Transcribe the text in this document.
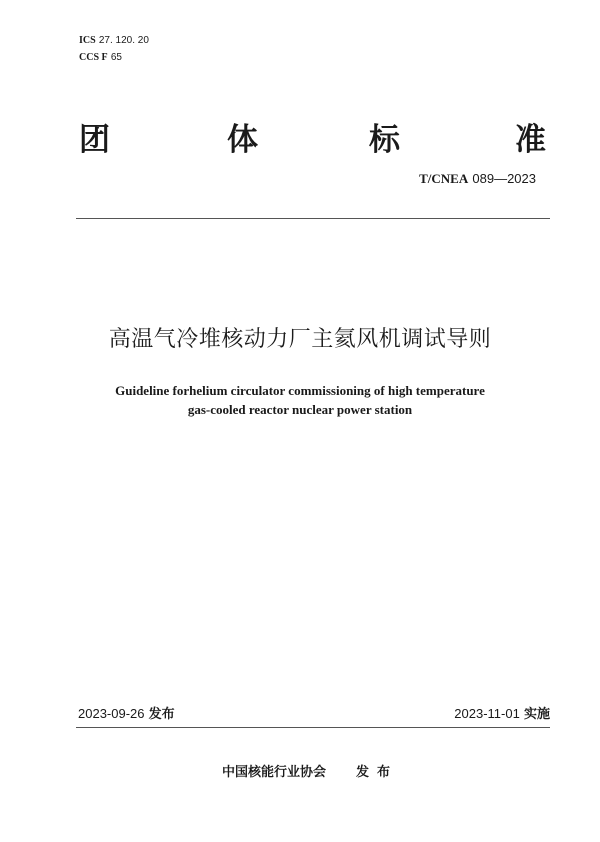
ICS 27. 120. 20
CCS F 65
团	体	标	准
T/CNEA 089—2023
高温气冷堆核动力厂主氦风机调试导则
Guideline forhelium circulator commissioning of high temperature
gas-cooled reactor nuclear power station
2023-09-26 发布	2023-11-01 实施
中国核能行业协会 发布
